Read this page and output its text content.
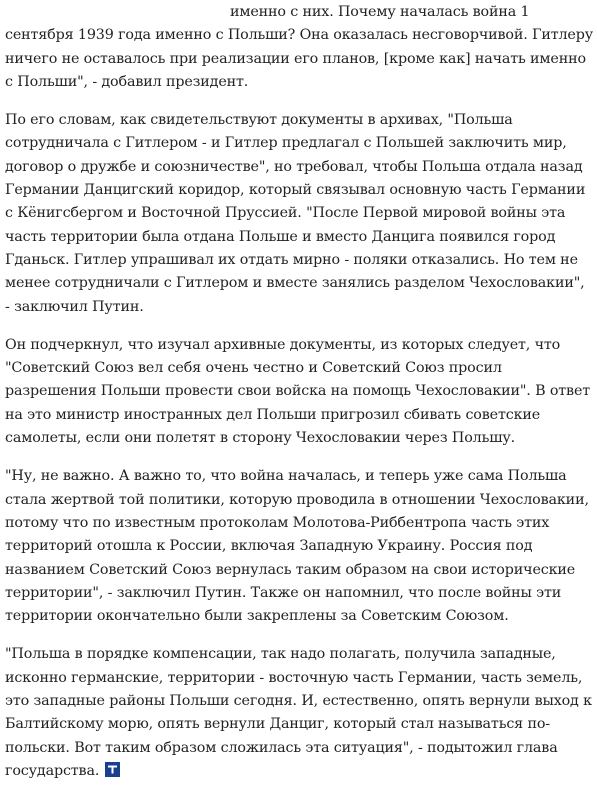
именно с них. Почему началась война 1 сентября 1939 года именно с Польши? Она оказалась несговорчивой. Гитлеру ничего не оставалось при реализации его планов, [кроме как] начать именно с Польши", - добавил президент.

По его словам, как свидетельствуют документы в архивах, "Польша сотрудничала с Гитлером - и Гитлер предлагал с Польшей заключить мир, договор о дружбе и союзничестве", но требовал, чтобы Польша отдала назад Германии Данцигский коридор, который связывал основную часть Германии с Кёнигсбергом и Восточной Пруссией. "После Первой мировой войны эта часть территории была отдана Польше и вместо Данцига появился город Гданьск. Гитлер упрашивал их отдать мирно - поляки отказались. Но тем не менее сотрудничали с Гитлером и вместе занялись разделом Чехословакии", - заключил Путин.

Он подчеркнул, что изучал архивные документы, из которых следует, что "Советский Союз вел себя очень честно и Советский Союз просил разрешения Польши провести свои войска на помощь Чехословакии". В ответ на это министр иностранных дел Польши пригрозил сбивать советские самолеты, если они полетят в сторону Чехословакии через Польшу.

"Ну, не важно. А важно то, что война началась, и теперь уже сама Польша стала жертвой той политики, которую проводила в отношении Чехословакии, потому что по известным протоколам Молотова-Риббентропа часть этих территорий отошла к России, включая Западную Украину. Россия под названием Советский Союз вернулась таким образом на свои исторические территории", - заключил Путин. Также он напомнил, что после войны эти территории окончательно были закреплены за Советским Союзом.

"Польша в порядке компенсации, так надо полагать, получила западные, исконно германские, территории - восточную часть Германии, часть земель, это западные районы Польши сегодня. И, естественно, опять вернули выход к Балтийскому морю, опять вернули Данциг, который стал называться по-польски. Вот таким образом сложилась эта ситуация", - подытожил глава государства.
